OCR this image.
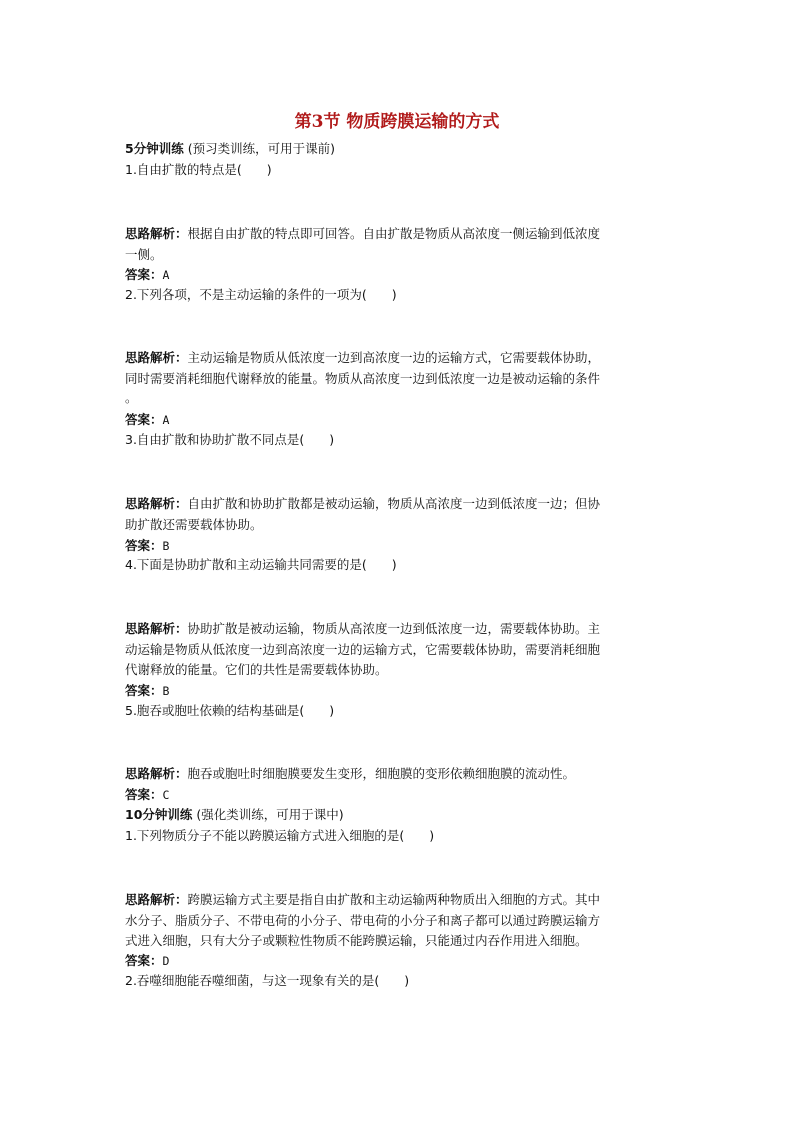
第3节 物质跨膜运输的方式
5分钟训练 (预习类训练，可用于课前)
1.自由扩散的特点是(　　)
思路解析：根据自由扩散的特点即可回答。自由扩散是物质从高浓度一侧运输到低浓度
一侧。
答案：A
2.下列各项，不是主动运输的条件的一项为(　　)
思路解析：主动运输是物质从低浓度一边到高浓度一边的运输方式，它需要载体协助，
同时需要消耗细胞代谢释放的能量。物质从高浓度一边到低浓度一边是被动运输的条件
。
答案：A
3.自由扩散和协助扩散不同点是(　　)
思路解析：自由扩散和协助扩散都是被动运输，物质从高浓度一边到低浓度一边；但协
助扩散还需要载体协助。
答案：B
4.下面是协助扩散和主动运输共同需要的是(　　)
思路解析：协助扩散是被动运输，物质从高浓度一边到低浓度一边，需要载体协助。主
动运输是物质从低浓度一边到高浓度一边的运输方式，它需要载体协助，需要消耗细胞
代谢释放的能量。它们的共性是需要载体协助。
答案：B
5.胞吞或胞吐依赖的结构基础是(　　)
思路解析：胞吞或胞吐时细胞膜要发生变形，细胞膜的变形依赖细胞膜的流动性。
答案：C
10分钟训练 (强化类训练，可用于课中)
1.下列物质分子不能以跨膜运输方式进入细胞的是(　　)
思路解析：跨膜运输方式主要是指自由扩散和主动运输两种物质出入细胞的方式。其中
水分子、脂质分子、不带电荷的小分子、带电荷的小分子和离子都可以通过跨膜运输方
式进入细胞，只有大分子或颗粒性物质不能跨膜运输，只能通过内吞作用进入细胞。
答案：D
2.吞噬细胞能吞噬细菌，与这一现象有关的是(　　)
